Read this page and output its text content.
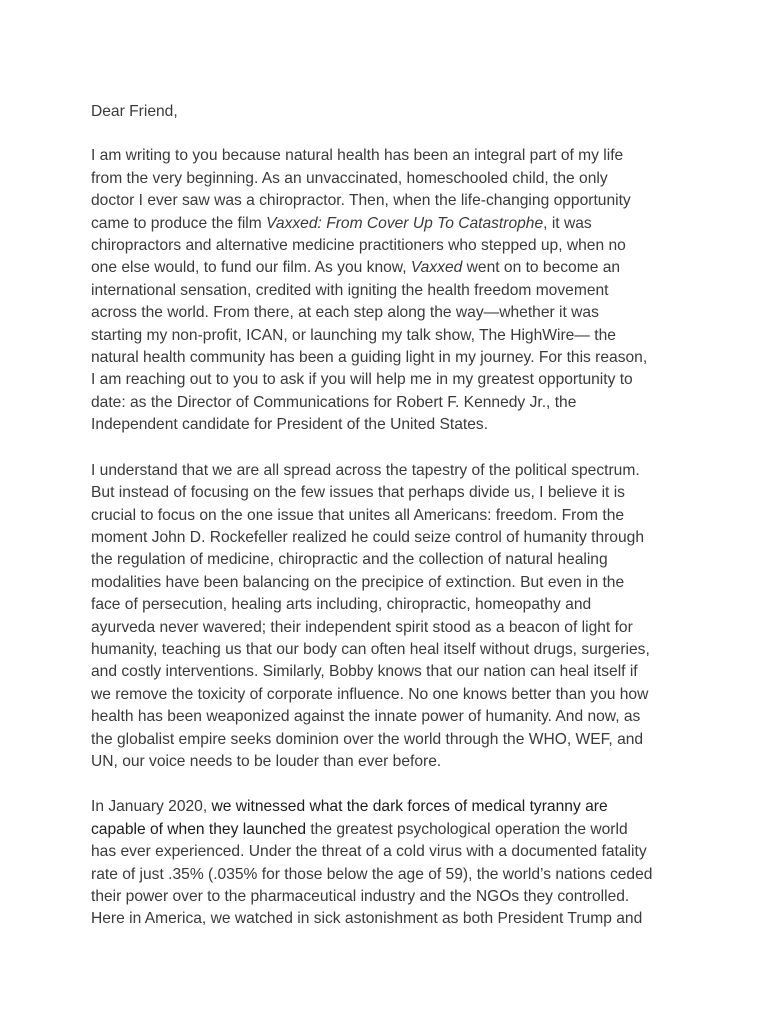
Dear Friend,

I am writing to you because natural health has been an integral part of my life
from the very beginning. As an unvaccinated, homeschooled child, the only
doctor I ever saw was a chiropractor. Then, when the life-changing opportunity
came to produce the film Vaxxed: From Cover Up To Catastrophe, it was
chiropractors and alternative medicine practitioners who stepped up, when no
one else would, to fund our film. As you know, Vaxxed went on to become an
international sensation, credited with igniting the health freedom movement
across the world. From there, at each step along the way—whether it was
starting my non-profit, ICAN, or launching my talk show, The HighWire— the
natural health community has been a guiding light in my journey. For this reason,
I am reaching out to you to ask if you will help me in my greatest opportunity to
date: as the Director of Communications for Robert F. Kennedy Jr., the
Independent candidate for President of the United States.

I understand that we are all spread across the tapestry of the political spectrum.
But instead of focusing on the few issues that perhaps divide us, I believe it is
crucial to focus on the one issue that unites all Americans: freedom. From the
moment John D. Rockefeller realized he could seize control of humanity through
the regulation of medicine, chiropractic and the collection of natural healing
modalities have been balancing on the precipice of extinction. But even in the
face of persecution, healing arts including, chiropractic, homeopathy and
ayurveda never wavered; their independent spirit stood as a beacon of light for
humanity, teaching us that our body can often heal itself without drugs, surgeries,
and costly interventions. Similarly, Bobby knows that our nation can heal itself if
we remove the toxicity of corporate influence. No one knows better than you how
health has been weaponized against the innate power of humanity. And now, as
the globalist empire seeks dominion over the world through the WHO, WEF, and
UN, our voice needs to be louder than ever before.

In January 2020, we witnessed what the dark forces of medical tyranny are
capable of when they launched the greatest psychological operation the world
has ever experienced. Under the threat of a cold virus with a documented fatality
rate of just .35% (.035% for those below the age of 59), the world’s nations ceded
their power over to the pharmaceutical industry and the NGOs they controlled.
Here in America, we watched in sick astonishment as both President Trump and
